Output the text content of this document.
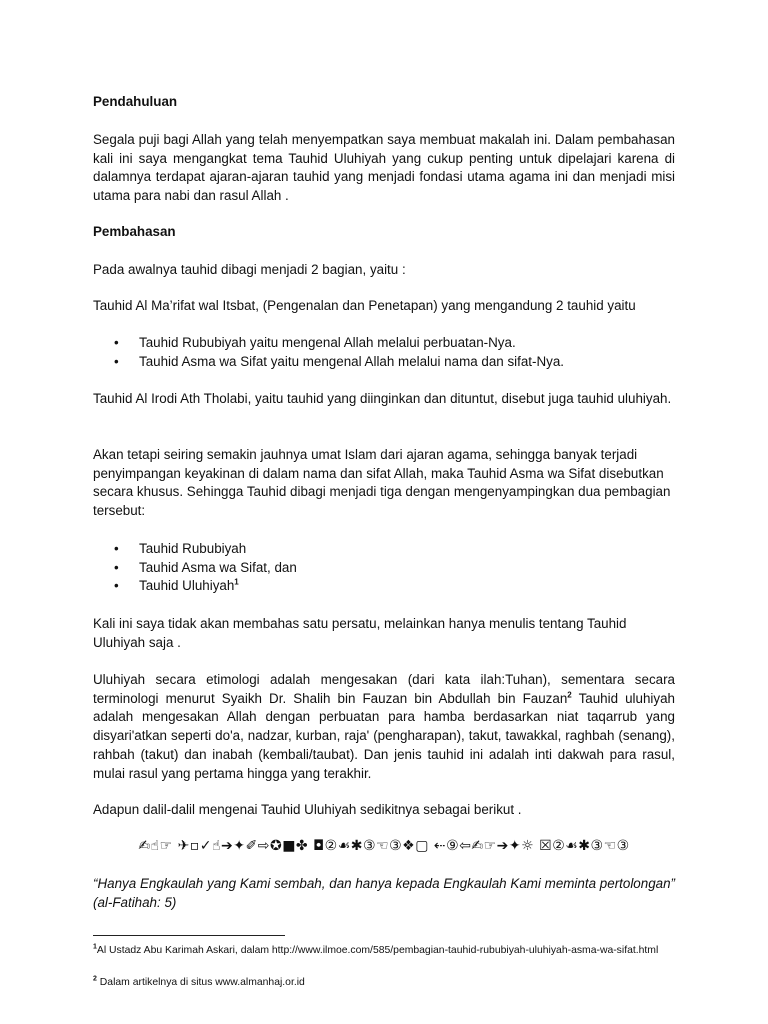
Pendahuluan

Segala puji bagi Allah yang telah menyempatkan saya membuat makalah ini. Dalam pembahasan kali ini saya mengangkat tema Tauhid Uluhiyah yang cukup penting untuk dipelajari karena di dalamnya terdapat ajaran-ajaran tauhid yang menjadi fondasi utama agama ini dan menjadi misi utama para nabi dan rasul Allah .

Pembahasan

Pada awalnya tauhid dibagi menjadi 2 bagian, yaitu :

Tauhid Al Ma’rifat wal Itsbat, (Pengenalan dan Penetapan) yang mengandung 2 tauhid yaitu

• Tauhid Rububiyah yaitu mengenal Allah melalui perbuatan-Nya.
• Tauhid Asma wa Sifat yaitu mengenal Allah melalui nama dan sifat-Nya.

Tauhid Al Irodi Ath Tholabi, yaitu tauhid yang diinginkan dan dituntut, disebut juga tauhid uluhiyah.

Akan tetapi seiring semakin jauhnya umat Islam dari ajaran agama, sehingga banyak terjadi penyimpangan keyakinan di dalam nama dan sifat Allah, maka Tauhid Asma wa Sifat disebutkan secara khusus. Sehingga Tauhid dibagi menjadi tiga dengan mengenyampingkan dua pembagian tersebut:

• Tauhid Rububiyah
• Tauhid Asma wa Sifat, dan
• Tauhid Uluhiyah$^1$

Kali ini saya tidak akan membahas satu persatu, melainkan hanya menulis tentang Tauhid Uluhiyah saja .

Uluhiyah secara etimologi adalah mengesakan (dari kata ilah:Tuhan), sementara secara terminologi menurut Syaikh Dr. Shalih bin Fauzan bin Abdullah bin Fauzan$^2$ Tauhid uluhiyah adalah mengesakan Allah dengan perbuatan para hamba berdasarkan niat taqarrub yang disyari'atkan seperti do'a, nadzar, kurban, raja' (pengharapan), takut, tawakkal, raghbah (senang), rahbah (takut) dan inabah (kembali/taubat). Dan jenis tauhid ini adalah inti dakwah para rasul, mulai rasul yang pertama hingga yang terakhir.

Adapun dalil-dalil mengenai Tauhid Uluhiyah sedikitnya sebagai berikut .

✍☝☞ ✈▫✓☝➔✦✐⇨✪■✤ ◘②☙✱③☜③❖▢ ⇠⑨⇦✍☞➔✦☼ ☒②☙✱③☜③

“Hanya Engkaulah yang Kami sembah, dan hanya kepada Engkaulah Kami meminta pertolongan” (al-Fatihah: 5)

$^1$Al Ustadz Abu Karimah Askari, dalam http://www.ilmoe.com/585/pembagian-tauhid-rububiyah-uluhiyah-asma-wa-sifat.html
$^2$ Dalam artikelnya di situs www.almanhaj.or.id
